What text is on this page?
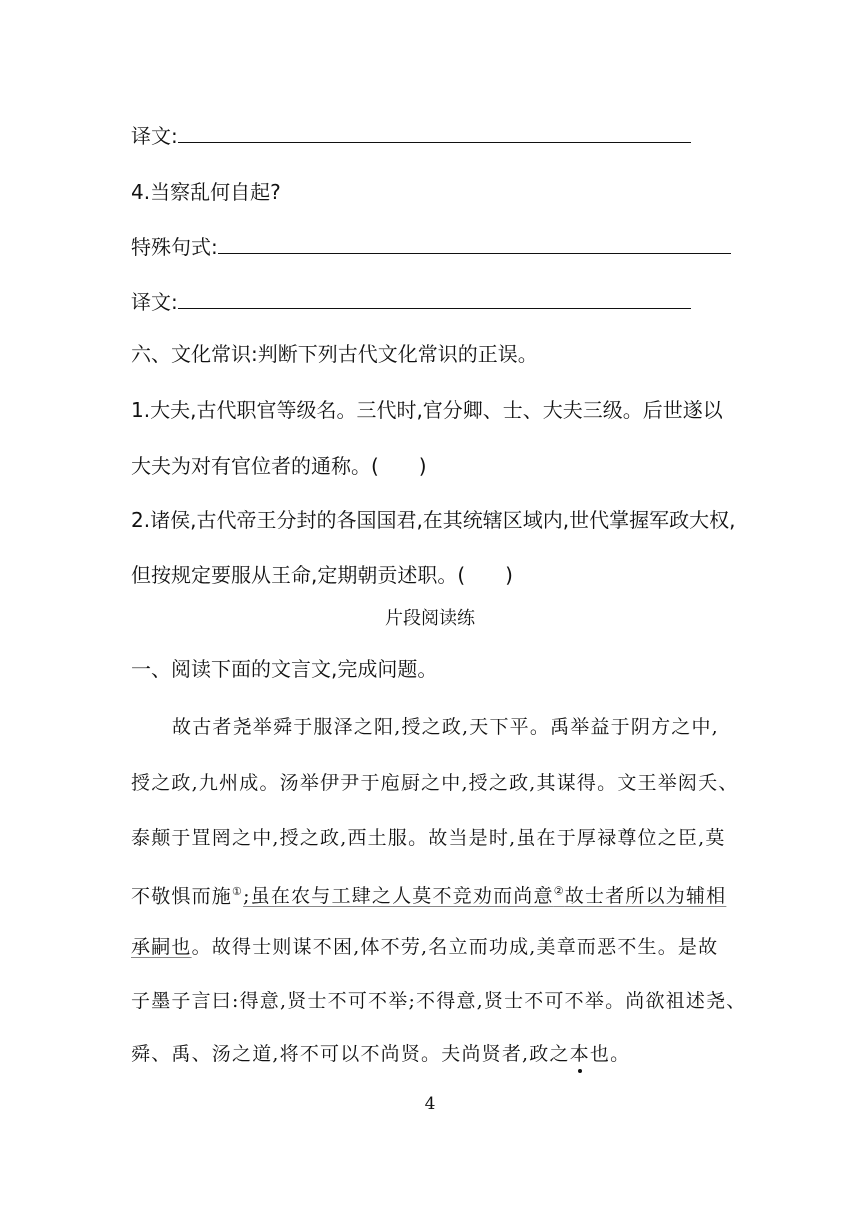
译文:
4.当察乱何自起?
特殊句式:
译文:
六、文化常识:判断下列古代文化常识的正误。
1.大夫,古代职官等级名。三代时,官分卿、士、大夫三级。后世遂以
大夫为对有官位者的通称。(　　)
2.诸侯,古代帝王分封的各国国君,在其统辖区域内,世代掌握军政大权,
但按规定要服从王命,定期朝贡述职。(　　)
片段阅读练
一、阅读下面的文言文,完成问题。
故古者尧举舜于服泽之阳,授之政,天下平。禹举益于阴方之中,
授之政,九州成。汤举伊尹于庖厨之中,授之政,其谋得。文王举闳夭、
泰颠于罝罔之中,授之政,西土服。故当是时,虽在于厚禄尊位之臣,莫
不敬惧而施①;虽在农与工肆之人莫不竞劝而尚意②故士者所以为辅相
承嗣也。故得士则谋不困,体不劳,名立而功成,美章而恶不生。是故
子墨子言曰:得意,贤士不可不举;不得意,贤士不可不举。尚欲祖述尧、
舜、禹、汤之道,将不可以不尚贤。夫尚贤者,政之本也。
4
